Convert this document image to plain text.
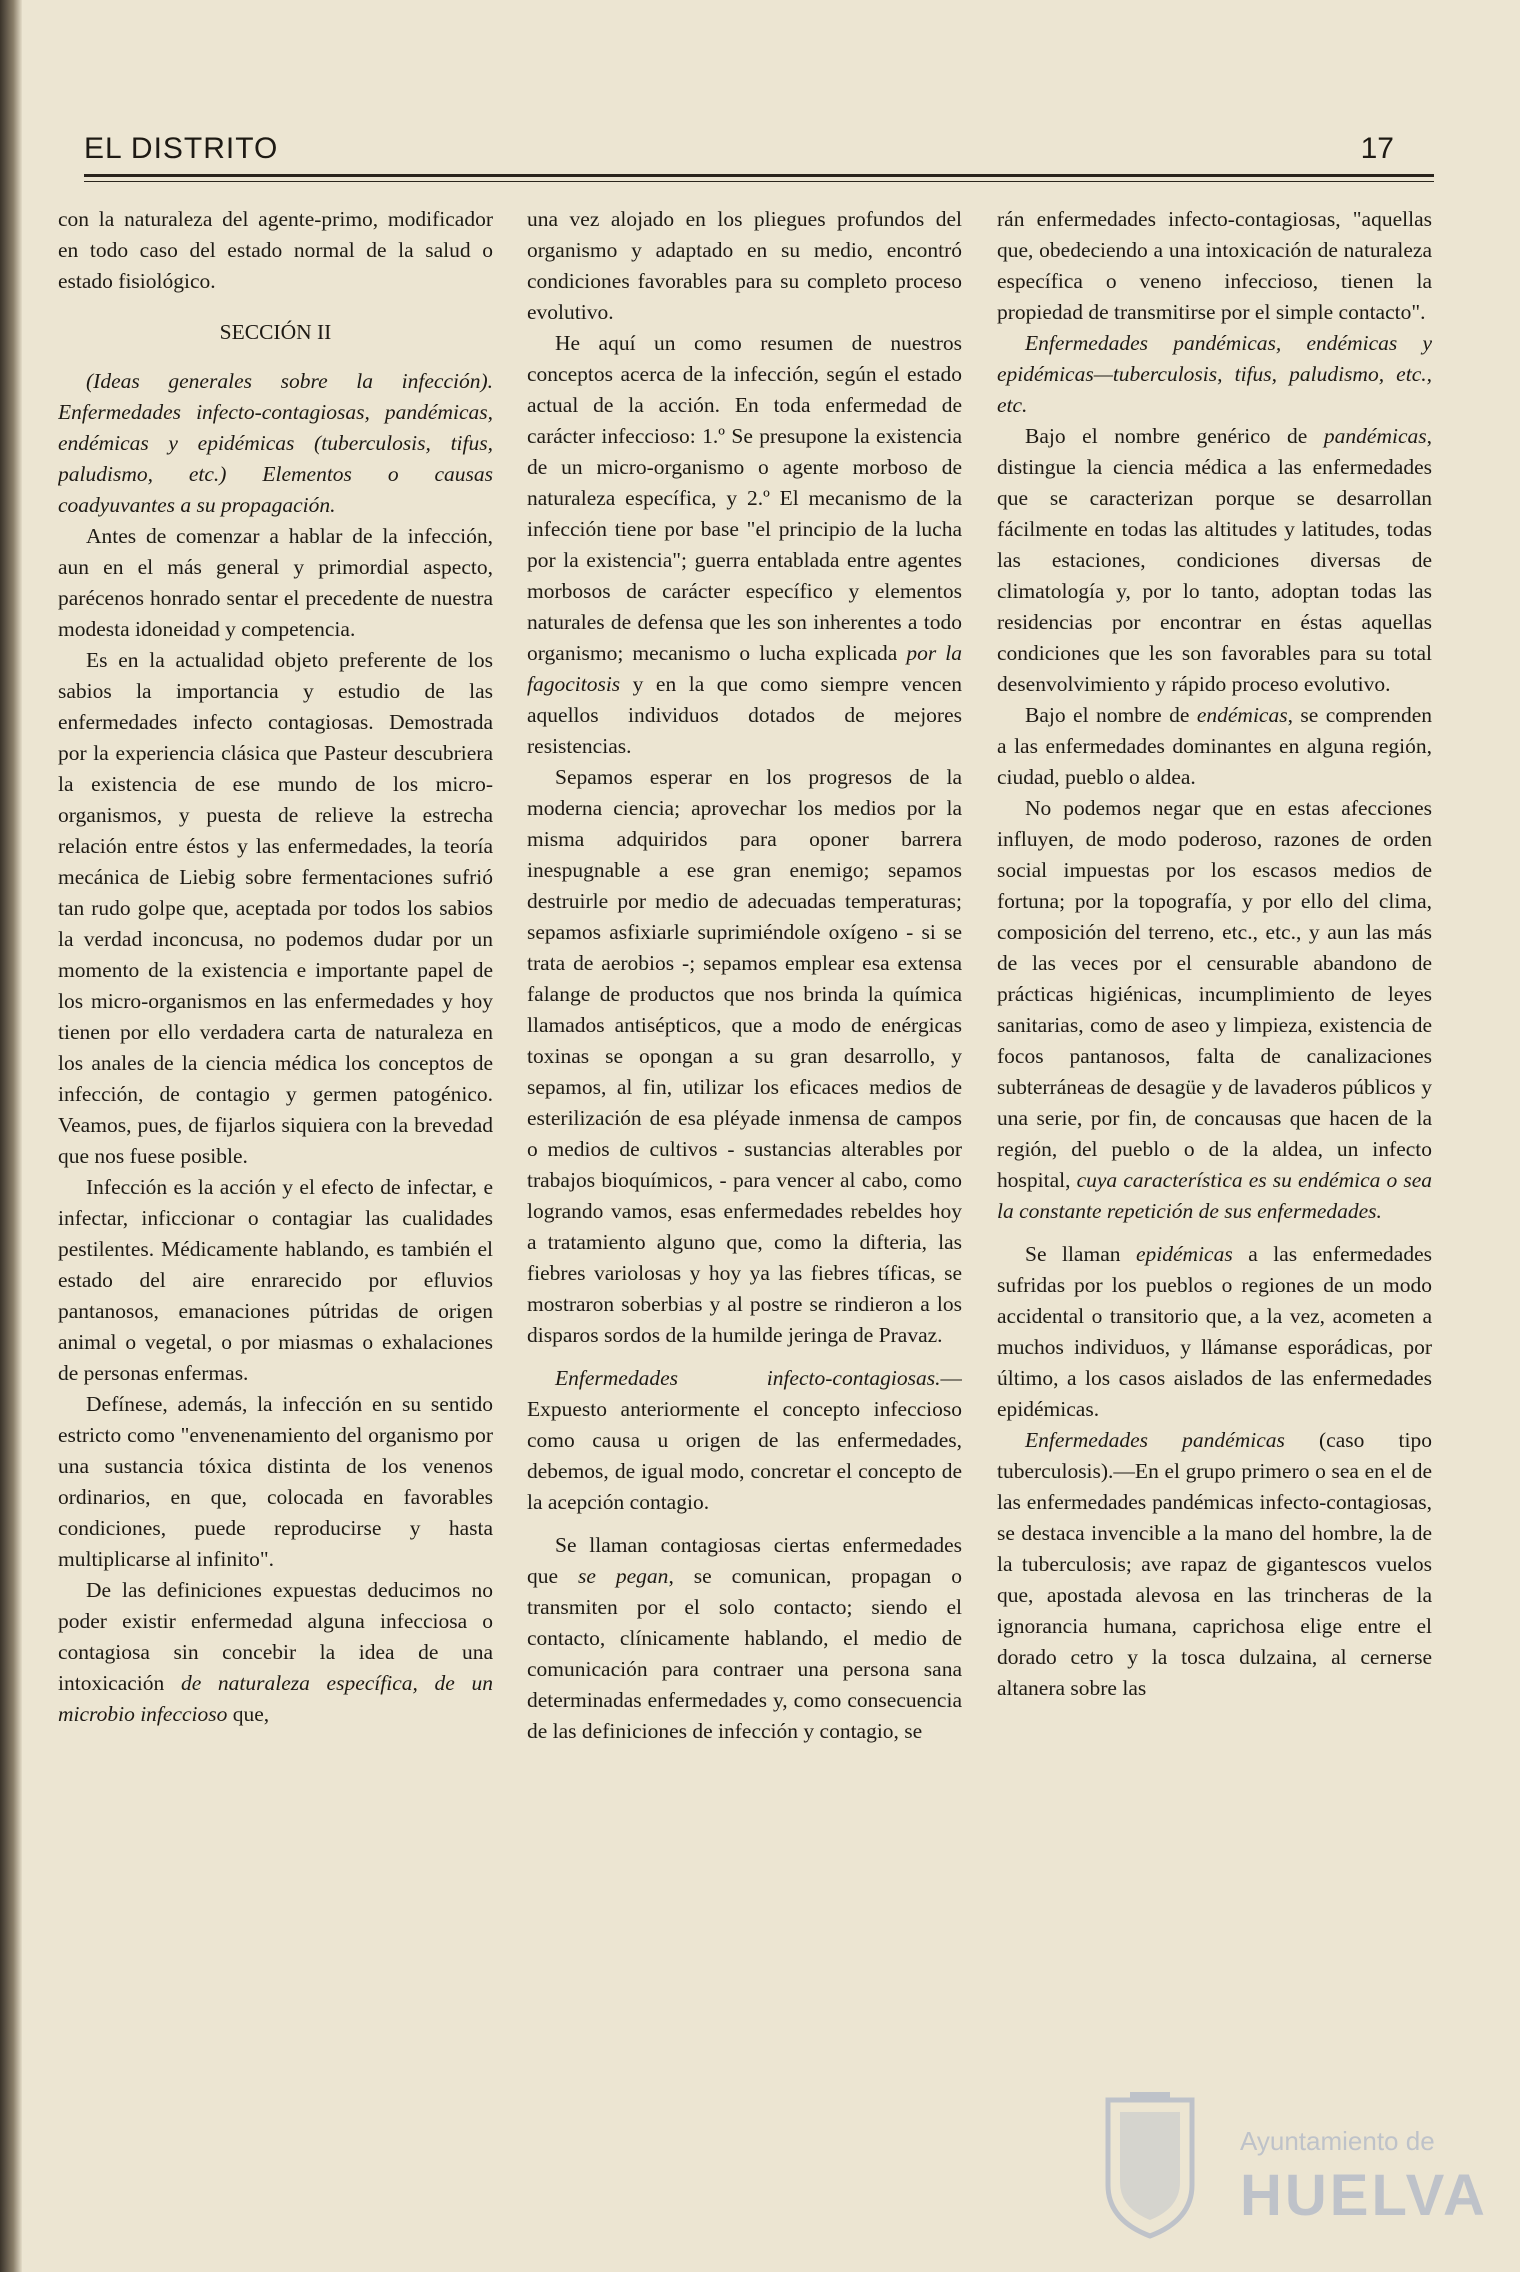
EL DISTRITO	17

con la naturaleza del agente-primo, modificador en todo caso del estado normal de la salud o estado fisiológico.

SECCIÓN II

(Ideas generales sobre la infección). Enfermedades infecto-contagiosas, pandémicas, endémicas y epidémicas (tuberculosis, tifus, paludismo, etc.) Elementos o causas coadyuvantes a su propagación.

Antes de comenzar a hablar de la infección, aun en el más general y primordial aspecto, parécenos honrado sentar el precedente de nuestra modesta idoneidad y competencia.

Es en la actualidad objeto preferente de los sabios la importancia y estudio de las enfermedades infecto contagiosas. Demostrada por la experiencia clásica que Pasteur descubriera la existencia de ese mundo de los micro-organismos, y puesta de relieve la estrecha relación entre éstos y las enfermedades, la teoría mecánica de Liebig sobre fermentaciones sufrió tan rudo golpe que, aceptada por todos los sabios la verdad inconcusa, no podemos dudar por un momento de la existencia e importante papel de los micro-organismos en las enfermedades y hoy tienen por ello verdadera carta de naturaleza en los anales de la ciencia médica los conceptos de infección, de contagio y germen patogénico. Veamos, pues, de fijarlos siquiera con la brevedad que nos fuese posible.

Infección es la acción y el efecto de infectar, e infectar, inficcionar o contagiar las cualidades pestilentes. Médicamente hablando, es también el estado del aire enrarecido por efluvios pantanosos, emanaciones pútridas de origen animal o vegetal, o por miasmas o exhalaciones de personas enfermas.

Defínese, además, la infección en su sentido estricto como "envenenamiento del organismo por una sustancia tóxica distinta de los venenos ordinarios, en que, colocada en favorables condiciones, puede reproducirse y hasta multiplicarse al infinito".

De las definiciones expuestas deducimos no poder existir enfermedad alguna infecciosa o contagiosa sin concebir la idea de una intoxicación de naturaleza específica, de un microbio infeccioso que,

una vez alojado en los pliegues profundos del organismo y adaptado en su medio, encontró condiciones favorables para su completo proceso evolutivo.

He aquí un como resumen de nuestros conceptos acerca de la infección, según el estado actual de la acción. En toda enfermedad de carácter infeccioso: 1.º Se presupone la existencia de un micro-organismo o agente morboso de naturaleza específica, y 2.º El mecanismo de la infección tiene por base "el principio de la lucha por la existencia"; guerra entablada entre agentes morbosos de carácter específico y elementos naturales de defensa que les son inherentes a todo organismo; mecanismo o lucha explicada por la fagocitosis y en la que como siempre vencen aquellos individuos dotados de mejores resistencias.

Sepamos esperar en los progresos de la moderna ciencia; aprovechar los medios por la misma adquiridos para oponer barrera inespugnable a ese gran enemigo; sepamos destruirle por medio de adecuadas temperaturas; sepamos asfixiarle suprimiéndole oxígeno - si se trata de aerobios -; sepamos emplear esa extensa falange de productos que nos brinda la química llamados antisépticos, que a modo de enérgicas toxinas se opongan a su gran desarrollo, y sepamos, al fin, utilizar los eficaces medios de esterilización de esa pléyade inmensa de campos o medios de cultivos - sustancias alterables por trabajos bioquímicos, - para vencer al cabo, como logrando vamos, esas enfermedades rebeldes hoy a tratamiento alguno que, como la difteria, las fiebres variolosas y hoy ya las fiebres tíficas, se mostraron soberbias y al postre se rindieron a los disparos sordos de la humilde jeringa de Pravaz.

Enfermedades infecto-contagiosas.— Expuesto anteriormente el concepto infeccioso como causa u origen de las enfermedades, debemos, de igual modo, concretar el concepto de la acepción contagio.

Se llaman contagiosas ciertas enfermedades que se pegan, se comunican, propagan o transmiten por el solo contacto; siendo el contacto, clínicamente hablando, el medio de comunicación para contraer una persona sana determinadas enfermedades y, como consecuencia de las definiciones de infección y contagio, se

rán enfermedades infecto-contagiosas, "aquellas que, obedeciendo a una intoxicación de naturaleza específica o veneno infeccioso, tienen la propiedad de transmitirse por el simple contacto".

Enfermedades pandémicas, endémicas y epidémicas—tuberculosis, tifus, paludismo, etc., etc.

Bajo el nombre genérico de pandémicas, distingue la ciencia médica a las enfermedades que se caracterizan porque se desarrollan fácilmente en todas las altitudes y latitudes, todas las estaciones, condiciones diversas de climatología y, por lo tanto, adoptan todas las residencias por encontrar en éstas aquellas condiciones que les son favorables para su total desenvolvimiento y rápido proceso evolutivo.

Bajo el nombre de endémicas, se comprenden a las enfermedades dominantes en alguna región, ciudad, pueblo o aldea.

No podemos negar que en estas afecciones influyen, de modo poderoso, razones de orden social impuestas por los escasos medios de fortuna; por la topografía, y por ello del clima, composición del terreno, etc., etc., y aun las más de las veces por el censurable abandono de prácticas higiénicas, incumplimiento de leyes sanitarias, como de aseo y limpieza, existencia de focos pantanosos, falta de canalizaciones subterráneas de desagüe y de lavaderos públicos y una serie, por fin, de concausas que hacen de la región, del pueblo o de la aldea, un infecto hospital, cuya característica es su endémica o sea la constante repetición de sus enfermedades.

Se llaman epidémicas a las enfermedades sufridas por los pueblos o regiones de un modo accidental o transitorio que, a la vez, acometen a muchos individuos, y llámanse esporádicas, por último, a los casos aislados de las enfermedades epidémicas.

Enfermedades pandémicas (caso tipo tuberculosis).—En el grupo primero o sea en el de las enfermedades pandémicas infecto-contagiosas, se destaca invencible a la mano del hombre, la de la tuberculosis; ave rapaz de gigantescos vuelos que, apostada alevosa en las trincheras de la ignorancia humana, caprichosa elige entre el dorado cetro y la tosca dulzaina, al cernerse altanera sobre las

Ayuntamiento de
HUELVA
